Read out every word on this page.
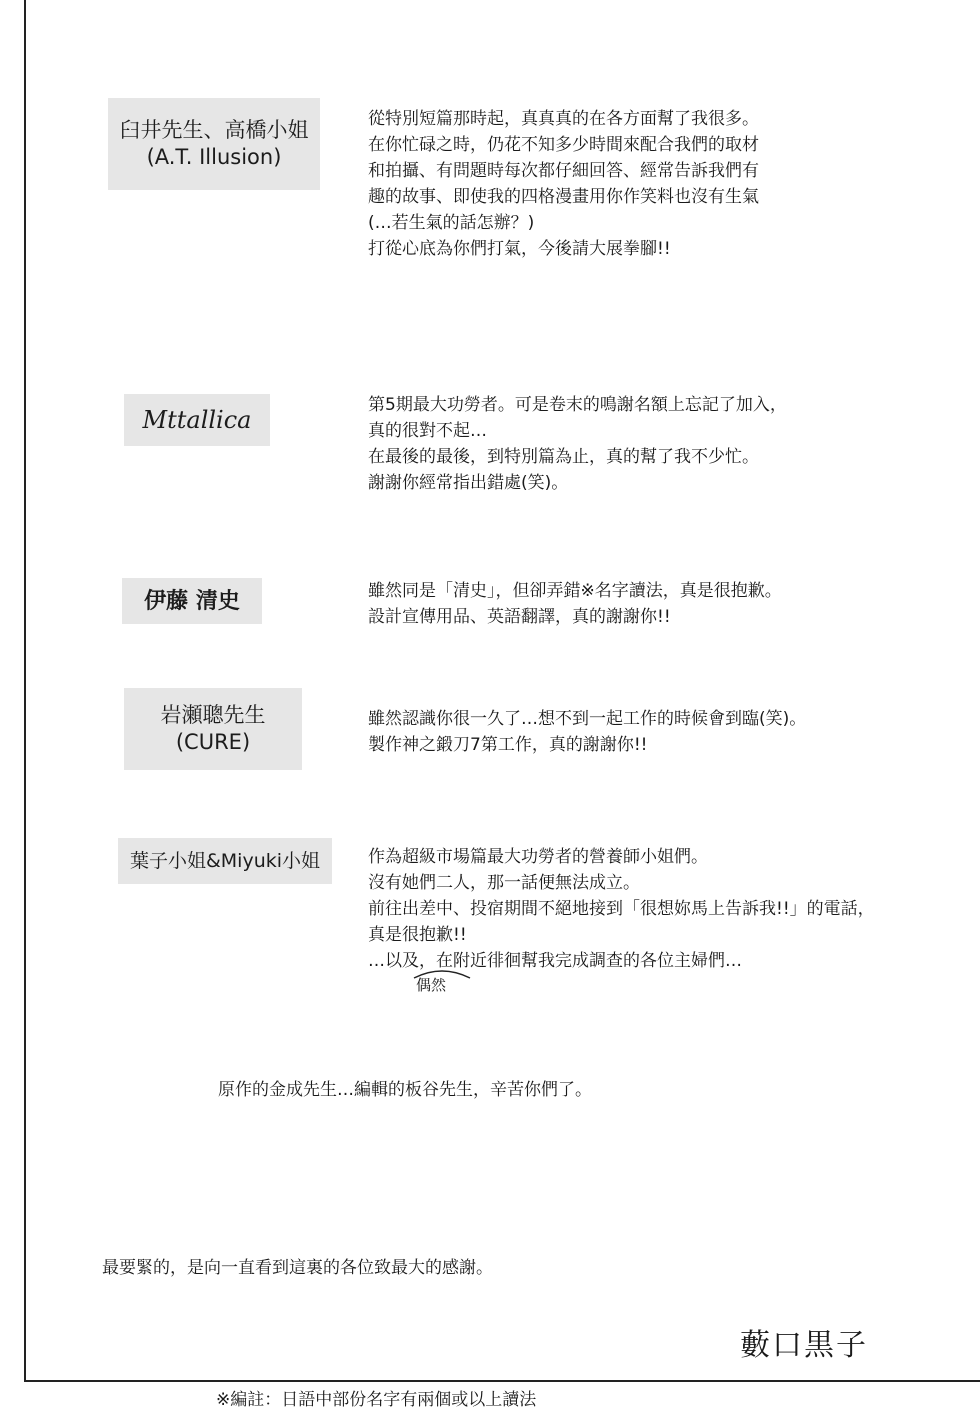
臼井先生、高橋小姐
(A.T. Illusion)
從特別短篇那時起，真真真的在各方面幫了我很多。
在你忙碌之時，仍花不知多少時間來配合我們的取材
和拍攝、有問題時每次都仔細回答、經常告訴我們有
趣的故事、即使我的四格漫畫用你作笑料也沒有生氣
(…若生氣的話怎辦？)
打從心底為你們打氣，今後請大展拳腳!!
Mttallica
第5期最大功勞者。可是卷末的鳴謝名額上忘記了加入，
真的很對不起…
在最後的最後，到特別篇為止，真的幫了我不少忙。
謝謝你經常指出錯處(笑)。
伊藤 清史	雖然同是「清史」，但卻弄錯※名字讀法，真是很抱歉。
設計宣傳用品、英語翻譯，真的謝謝你!!
岩瀬聰先生
(CURE)
雖然認識你很一久了…想不到一起工作的時候會到臨(笑)。
製作神之鍛刀7第工作，真的謝謝你!!
葉子小姐&Miyuki小姐	作為超級市場篇最大功勞者的營養師小姐們。
沒有她們二人，那一話便無法成立。
前往出差中、投宿期間不絕地接到「很想妳馬上告訴我!!」的電話，
真是很抱歉!!
…以及，在附近徘徊幫我完成調查的各位主婦們…
偶然
原作的金成先生…編輯的板谷先生，辛苦你們了。
最要緊的，是向一直看到這裏的各位致最大的感謝。
藪口黒子
※編註：日語中部份名字有兩個或以上讀法
